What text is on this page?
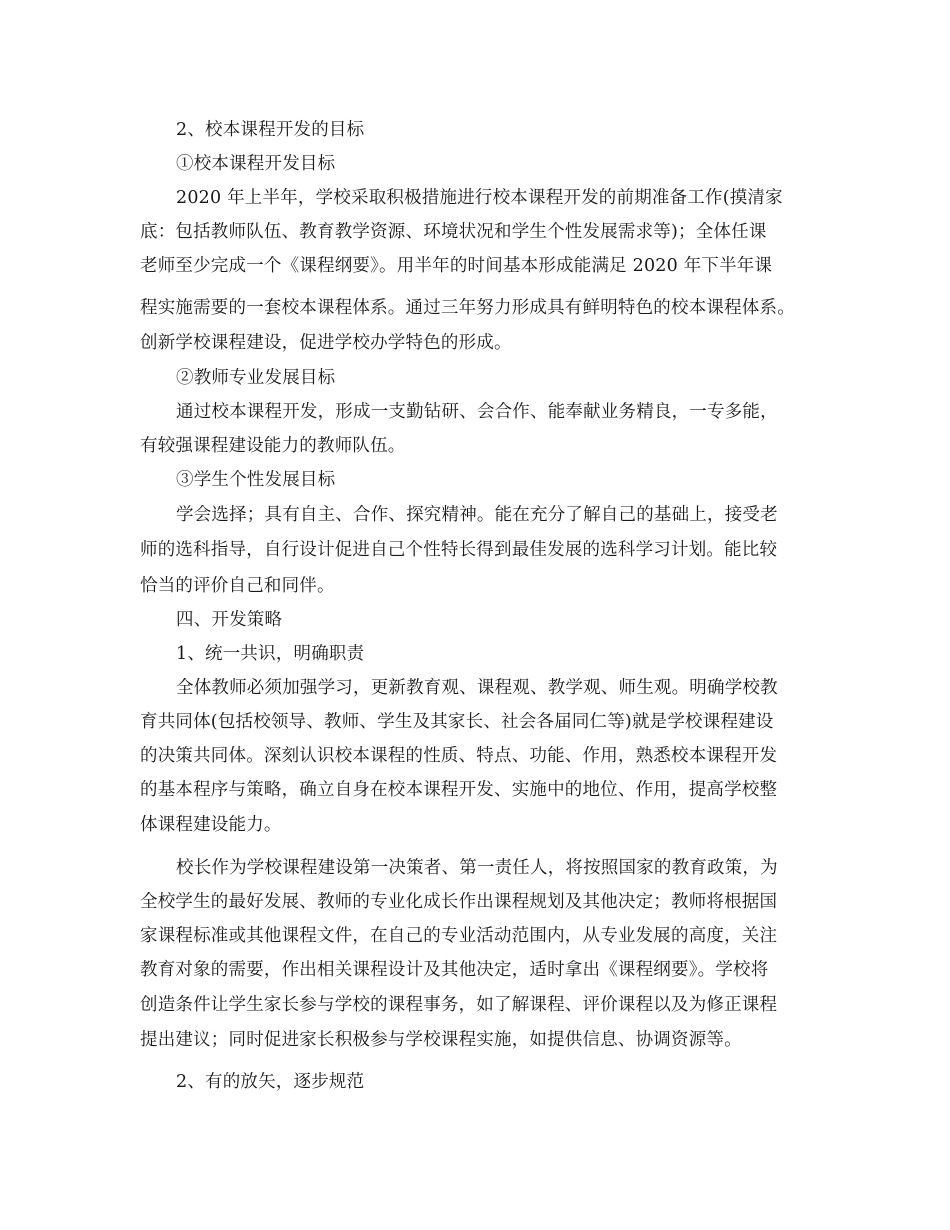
2、校本课程开发的目标
①校本课程开发目标
2020 年上半年，学校采取积极措施进行校本课程开发的前期准备工作(摸清家
底：包括教师队伍、教育教学资源、环境状况和学生个性发展需求等)；全体任课
老师至少完成一个《课程纲要》。用半年的时间基本形成能满足 2020 年下半年课
程实施需要的一套校本课程体系。通过三年努力形成具有鲜明特色的校本课程体系。
创新学校课程建设，促进学校办学特色的形成。
②教师专业发展目标
通过校本课程开发，形成一支勤钻研、会合作、能奉献业务精良，一专多能，
有较强课程建设能力的教师队伍。
③学生个性发展目标
学会选择；具有自主、合作、探究精神。能在充分了解自己的基础上，接受老
师的选科指导，自行设计促进自己个性特长得到最佳发展的选科学习计划。能比较
恰当的评价自己和同伴。
四、开发策略
1、统一共识，明确职责
全体教师必须加强学习，更新教育观、课程观、教学观、师生观。明确学校教
育共同体(包括校领导、教师、学生及其家长、社会各届同仁等)就是学校课程建设
的决策共同体。深刻认识校本课程的性质、特点、功能、作用，熟悉校本课程开发
的基本程序与策略，确立自身在校本课程开发、实施中的地位、作用，提高学校整
体课程建设能力。
校长作为学校课程建设第一决策者、第一责任人，将按照国家的教育政策，为
全校学生的最好发展、教师的专业化成长作出课程规划及其他决定；教师将根据国
家课程标准或其他课程文件，在自己的专业活动范围内，从专业发展的高度，关注
教育对象的需要，作出相关课程设计及其他决定，适时拿出《课程纲要》。学校将
创造条件让学生家长参与学校的课程事务，如了解课程、评价课程以及为修正课程
提出建议；同时促进家长积极参与学校课程实施，如提供信息、协调资源等。
2、有的放矢，逐步规范
